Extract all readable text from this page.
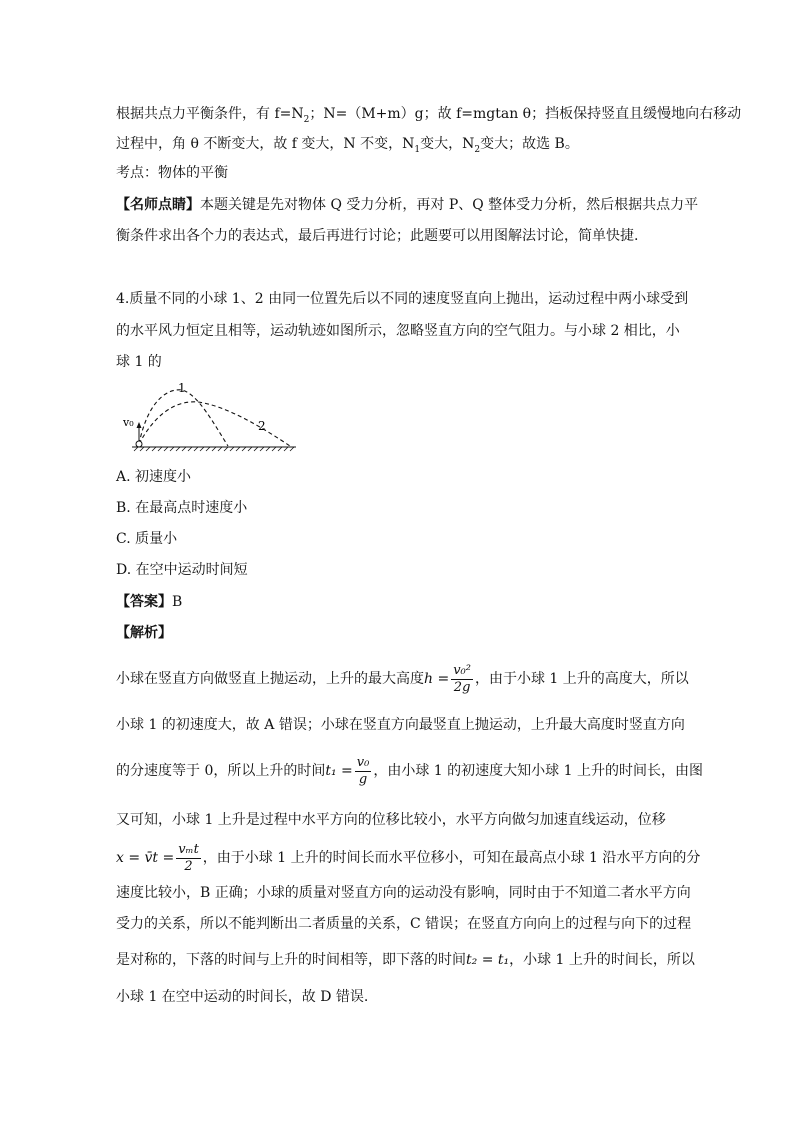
根据共点力平衡条件，有 $f=N_2$；N=（M+m）g；故 f=mgtan θ；挡板保持竖直且缓慢地向右移动
过程中，角 θ 不断变大，故 f 变大，N 不变，$N_1$变大，$N_2$变大；故选 B。
考点：物体的平衡
【名师点睛】本题关键是先对物体 Q 受力分析，再对 P、Q 整体受力分析，然后根据共点力平
衡条件求出各个力的表达式，最后再进行讨论；此题要可以用图解法讨论，简单快捷.
4.质量不同的小球 1、2 由同一位置先后以不同的速度竖直向上抛出，运动过程中两小球受到
的水平风力恒定且相等，运动轨迹如图所示，忽略竖直方向的空气阻力。与小球 2 相比，小
球 1 的
v₀
1
2
A. 初速度小
B. 在最高点时速度小
C. 质量小
D. 在空中运动时间短
【答案】B
【解析】
小球在竖直方向做竖直上抛运动，上升的最大高度$h = \frac{\text{v₀²}}{2g}$ ，由于小球 1 上升的高度大，所以
小球 1 的初速度大，故 A 错误；小球在竖直方向最竖直上抛运动，上升最大高度时竖直方向
的分速度等于 0，所以上升的时间$t_1 = \frac{\text{v₀}}{g}$ ，由小球 1 的初速度大知小球 1 上升的时间长，由图
又可知，小球 1 上升是过程中水平方向的位移比较小，水平方向做匀加速直线运动，位移
x = v̄t = $\frac{\text{vₘt}}{2}$ ，由于小球 1 上升的时间长而水平位移小，可知在最高点小球 1 沿水平方向的分
速度比较小，B 正确；小球的质量对竖直方向的运动没有影响，同时由于不知道二者水平方向
受力的关系，所以不能判断出二者质量的关系，C 错误；在竖直方向向上的过程与向下的过程
是对称的，下落的时间与上升的时间相等，即下落的时间t₂ = t₁，小球 1 上升的时间长，所以
小球 1 在空中运动的时间长，故 D 错误.
